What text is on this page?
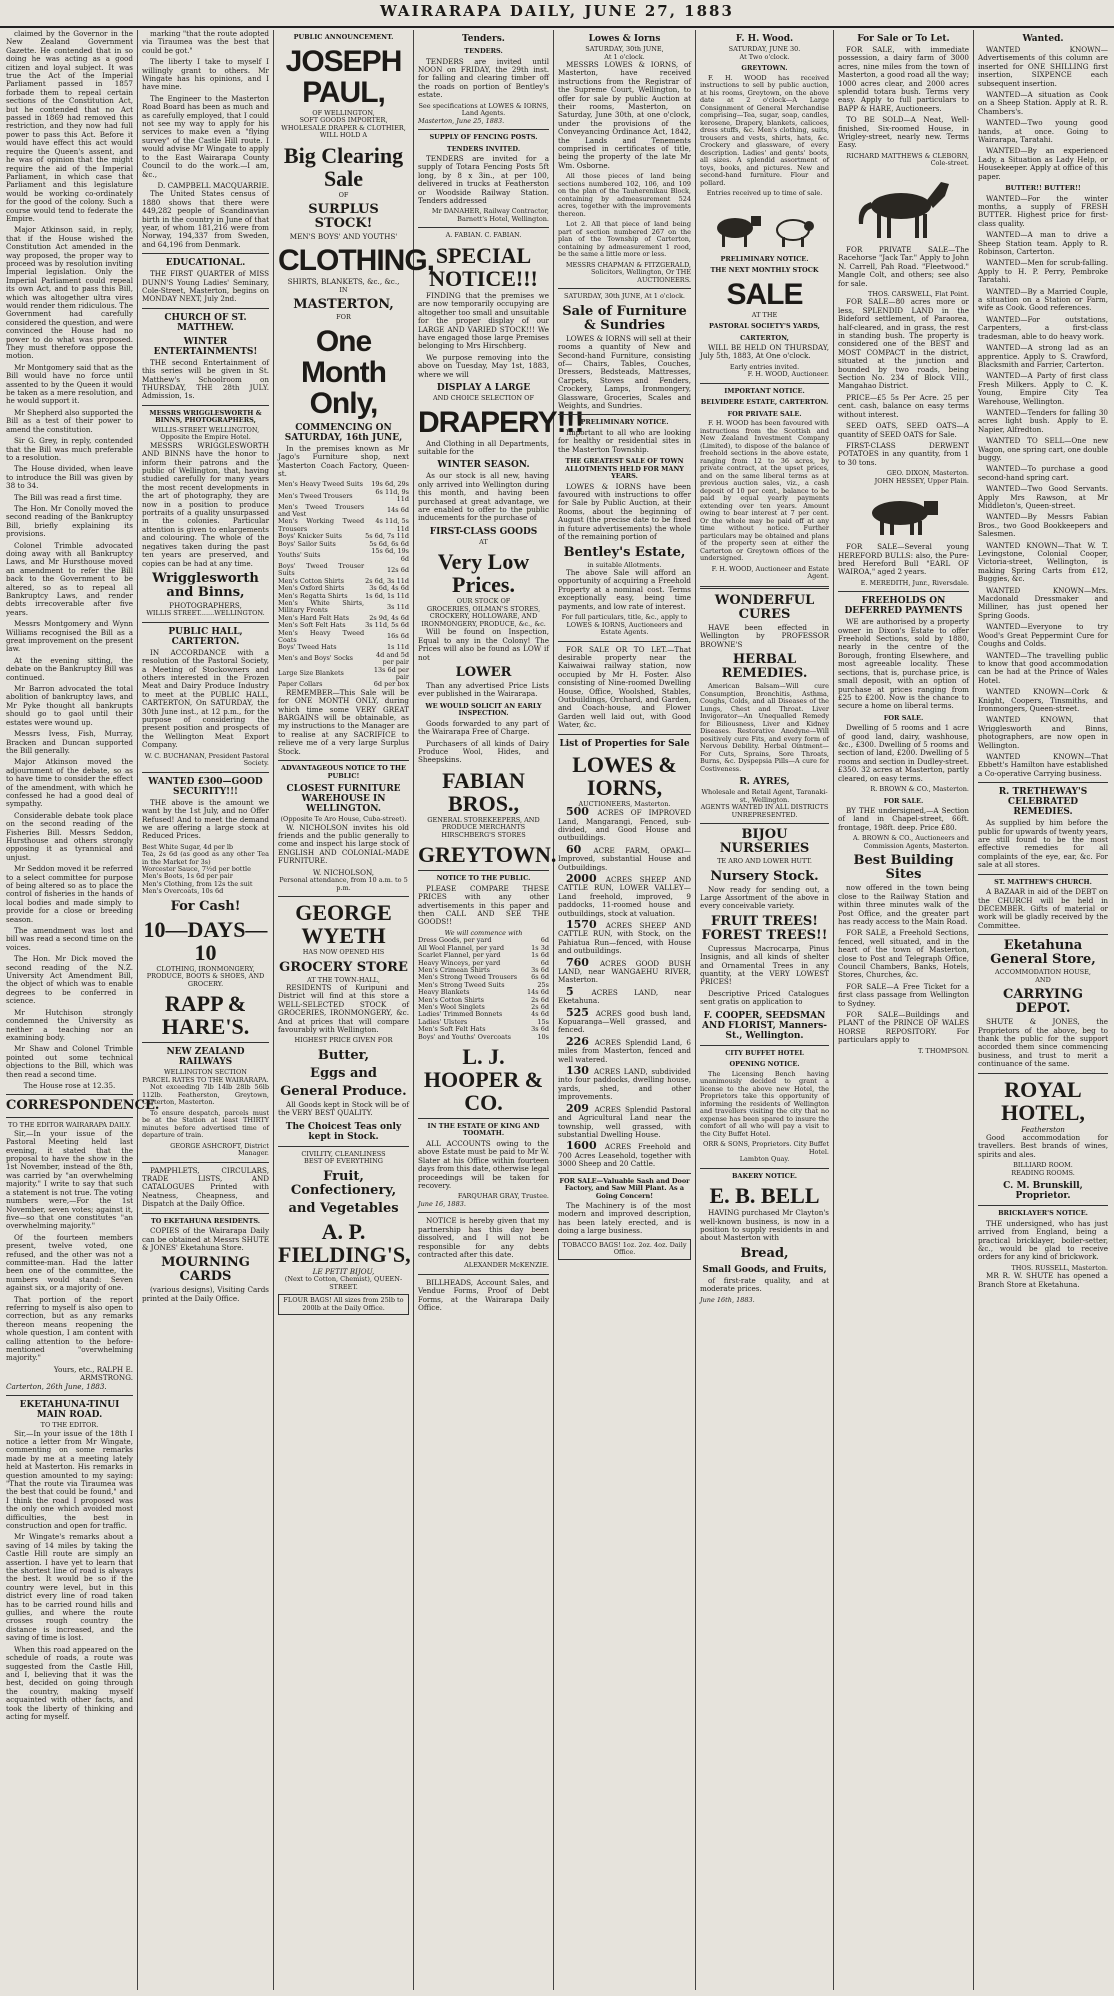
WAIRARAPA DAILY, JUNE 27, 1883

claimed by the Governor in the New Zealand Government Gazette. He contended that in so doing he was acting as a good citizen and loyal subject. It was true the Act of the Imperial Parliament passed in 1857 forbade them to repeal certain sections of the Constitution Act, but he contended that no Act passed in 1869 had removed this restriction, and they now had full power to pass this Act. Before it would have effect this act would require the Queen's assent, and he was of opinion that the might require the aid of the Imperial Parliament, in which case that Parliament and this legislature would be working co-ordinately for the good of the colony. Such a course would tend to federate the Empire.

Major Atkinson said, in reply, that if the House wished the Constitution Act amended in the way proposed, the proper way to proceed was by resolution inviting Imperial legislation. Only the Imperial Parliament could repeal its own Act, and to pass this Bill, which was altogether ultra vires would render them ridiculous. The Government had carefully considered the question, and were convinced the House had no power to do what was proposed. They must therefore oppose the motion.

Mr Montgomery said that as the Bill would have no force until assented to by the Queen it would be taken as a mere resolution, and he would support it.

Mr Shepherd also supported the Bill as a test of their power to amend the constitution.

Sir G. Grey, in reply, contended that the Bill was much preferable to a resolution.

The House divided, when leave to introduce the Bill was given by 38 to 34.

The Bill was read a first time.

The Hon. Mr Conolly moved the second reading of the Bankruptcy Bill, briefly explaining its provisions.

Colonel Trimble advocated doing away with all Bankruptcy Laws, and Mr Hursthouse moved an amendment to refer the Bill back to the Government to be altered, so as to repeal all Bankruptcy Laws, and render debts irrecoverable after five years.

Messrs Montgomery and Wynn Williams recognised the Bill as a great improvement on the present law.

At the evening sitting, the debate on the Bankruptcy Bill was continued.

Mr Barron advocated the total abolition of bankruptcy laws, and Mr Pyke thought all bankrupts should go to gaol until their estates were wound up.

Messrs Ivess, Fish, Murray, Bracken and Duncan supported the Bill generally.

Major Atkinson moved the adjournment of the debate, so as to have time to consider the effect of the amendment, with which he confessed he had a good deal of sympathy.

Considerable debate took place on the second reading of the Fisheries Bill. Messrs Seddon, Hursthouse and others strongly opposing it as tyrannical and unjust.

Mr Seddon moved it be referred to a select committee for purpose of being altered so as to place the control of fisheries in the hands of local bodies and made simply to provide for a close or breeding season.

The amendment was lost and bill was read a second time on the voices.

The Hon. Mr Dick moved the second reading of the N.Z. University Act Amendment Bill, the object of which was to enable degrees to be conferred in science.

Mr Hutchison strongly condemned the University as neither a teaching nor an examining body.

Mr Shaw and Colonel Trimble pointed out some technical objections to the Bill, which was then read a second time.

The House rose at 12.35.

CORRESPONDENCE.
TO THE EDITOR WAIRARAPA DAILY.

Sir,—In your issue of the Pastoral Meeting held last evening, it stated that the proposal to have the show in the 1st November, instead of the 8th, was carried by "an overwhelming majority." I write to say that such a statement is not true. The voting numbers were,—For the 1st November, seven votes; against it, five—so that one constitutes "an overwhelming majority."

Of the fourteen members present, twelve voted, one refused, and the other was not a committee-man. Had the latter been one of the committee, the numbers would stand: Seven against six, or a majority of one.

That portion of the report referring to myself is also open to correction, but as any remarks thereon means reopening the whole question, I am content with calling attention to the before-mentioned "overwhelming majority."

Yours, etc., RALPH E. ARMSTRONG.
Carterton, 26th June, 1883.
EKETAHUNA-TINUI MAIN ROAD.
TO THE EDITOR.

Sir,—In your issue of the 18th I notice a letter from Mr Wingate, commenting on some remarks made by me at a meeting lately held at Masterton. His remarks in question amounted to my saying: "That the route via Tiraumea was the best that could be found," and I think the road I proposed was the only one which avoided most difficulties, the best in construction and open for traffic.

Mr Wingate's remarks about a saving of 14 miles by taking the Castle Hill route are simply an assertion. I have yet to learn that the shortest line of road is always the best. It would be so if the country were level, but in this district every line of road taken has to be carried round hills and gullies, and where the route crosses rough country the distance is increased, and the saving of time is lost.

When this road appeared on the schedule of roads, a route was suggested from the Castle Hill, and I, believing that it was the best, decided on going through the country, making myself acquainted with other facts, and took the liberty of thinking and acting for myself.

marking "that the route adopted via Tiraumea was the best that could be got."

The liberty I take to myself I willingly grant to others. Mr Wingate has his opinions, and I have mine.

The Engineer to the Masterton Road Board has been as much and as carefully employed, that I could not see my way to apply for his services to make even a "flying survey" of the Castle Hill route. I would advise Mr Wingate to apply to the East Wairarapa County Council to do the work.—I am, &c.,

D. CAMPBELL MACQUARRIE.

The United States census of 1880 shows that there were 449,282 people of Scandinavian birth in the country in June of that year, of whom 181,216 were from Norway, 194,337 from Sweden, and 64,196 from Denmark.

EDUCATIONAL.

THE FIRST QUARTER of MISS DUNN'S Young Ladies' Seminary, Cole-Street, Masterton, begins on MONDAY NEXT, July 2nd.

CHURCH OF ST. MATTHEW.
WINTER ENTERTAINMENTS!

THE second Entertainment of this series will be given in St. Matthew's Schoolroom on THURSDAY, THE 28th JULY. Admission, 1s.

MESSRS WRIGGLESWORTH & BINNS, PHOTOGRAPHERS,
WILLIS-STREET WELLINGTON, Opposite the Empire Hotel.

MESSRS WRIGGLESWORTH AND BINNS have the honor to inform their patrons and the public of Wellington, that, having studied carefully for many years the most recent developments in the art of photography, they are now in a position to produce portraits of a quality unsurpassed in the colonies. Particular attention is given to enlargements and colouring. The whole of the negatives taken during the past ten years are preserved, and copies can be had at any time.

Wrigglesworth and Binns,
PHOTOGRAPHERS,
WILLIS STREET.......WELLINGTON.
PUBLIC HALL, CARTERTON.

IN ACCORDANCE with a resolution of the Pastoral Society, a Meeting of Stockowners and others interested in the Frozen Meat and Dairy Produce Industry to meet at the PUBLIC HALL, CARTERTON, On SATURDAY, the 30th June inst., at 12 p.m., for the purpose of considering the present position and prospects of the Wellington Meat Export Company.

W. C. BUCHANAN, President Pastoral Society.
WANTED £300—GOOD SECURITY!!!

THE above is the amount we want by the 1st July, and no Offer Refused! And to meet the demand we are offering a large stock at Reduced Prices.

Best White Sugar, 4d per lb	
Tea, 2s 6d (as good as any other Tea in the Market for 3s)	
Worcester Sauce, 7½d per bottle	
Men's Boots, 1s 6d per pair	
Men's Clothing, from 12s the suit	
Men's Overcoats, 10s 6d	
For Cash!
10—DAYS—10
CLOTHING, IRONMONGERY, PRODUCE, BOOTS & SHOES, AND GROCERY.
RAPP & HARE'S.
NEW ZEALAND RAILWAYS
WELLINGTON SECTION
PARCEL RATES TO THE WAIRARAPA.

Not exceeding 7lb 14lb 28lb 56lb 112lb. Featherston, Greytown, Carterton, Masterton.

To ensure despatch, parcels must be at the Station at least THIRTY minutes before advertised time of departure of train.

GEORGE ASHCROFT, District Manager.

PAMPHLETS, CIRCULARS, TRADE LISTS, AND CATALOGUES Printed with Neatness, Cheapness, and Dispatch at the Daily Office.

TO EKETAHUNA RESIDENTS.

COPIES of the Wairarapa Daily can be obtained at Messrs SHUTE & JONES' Eketahuna Store.

MOURNING CARDS

(various designs), Visiting Cards printed at the Daily Office.

PUBLIC ANNOUNCEMENT.
JOSEPH PAUL,
OF WELLINGTON,
SOFT GOODS IMPORTER, WHOLESALE DRAPER & CLOTHIER, WILL HOLD A
Big Clearing Sale
OF
SURPLUS STOCK!
MEN'S BOYS' AND YOUTHS'
CLOTHING,
SHIRTS, BLANKETS, &c., &c.,
IN
MASTERTON,
FOR
One Month Only,
COMMENCING ON SATURDAY, 16th JUNE,

In the premises known as Mr Jago's Furniture shop, next Masterton Coach Factory, Queen-st.

Men's Heavy Tweed Suits	19s 6d, 29s
Men's Tweed Trousers	6s 11d, 9s 11d
Men's Tweed Trousers and Vest	14s 6d
Men's Working Tweed Trousers	4s 11d, 5s 11d
Boys' Knicker Suits	5s 6d, 7s 11d
Boys' Sailor Suits	5s 6d, 6s 6d
Youths' Suits	15s 6d, 19s 6d
Boys' Tweed Trouser Suits	12s 6d
Men's Cotton Shirts	2s 6d, 3s 11d
Men's Oxford Shirts	3s 6d, 4s 6d
Men's Regatta Shirts	1s 6d, 1s 11d
Men's White Shirts, Military Fronts	3s 11d
Men's Hard Felt Hats	2s 9d, 4s 6d
Men's Soft Felt Hats	3s 11d, 5s 6d
Men's Heavy Tweed Coats	16s 6d
Boys' Tweed Hats	1s 11d
Men's and Boys' Socks	4d and 5d per pair
Large Size Blankets	13s 6d per pair
Paper Collars	6d per box

REMEMBER—This Sale will be for ONE MONTH ONLY, during which time some VERY GREAT BARGAINS will be obtainable, as my instructions to the Manager are to realise at any SACRIFICE to relieve me of a very large Surplus Stock.

ADVANTAGEOUS NOTICE TO THE PUBLIC!
CLOSEST FURNITURE WAREHOUSE IN WELLINGTON.
(Opposite Te Aro House, Cuba-street).

W. NICHOLSON invites his old friends and the public generally to come and inspect his large stock of ENGLISH AND COLONIAL-MADE FURNITURE.

W. NICHOLSON,
Personal attendance, from 10 a.m. to 5 p.m.
GEORGE WYETH
HAS NOW OPENED HIS
GROCERY STORE
AT THE TOWN-HALL,

RESIDENTS of Kuripuni and District will find at this store a WELL-SELECTED STOCK of GROCERIES, IRONMONGERY, &c. And at prices that will compare favourably with Wellington.

HIGHEST PRICE GIVEN FOR
Butter,
Eggs and
General Produce.

All Goods kept in Stock will be of the VERY BEST QUALITY.

The Choicest Teas only kept in Stock.
CIVILITY, CLEANLINESS
BEST OF EVERYTHING
Fruit, Confectionery,
and Vegetables
A. P. FIELDING'S,
LE PETIT BIJOU,
(Next to Cotton, Chemist), QUEEN-STREET.
FLOUR BAGS! All sizes from 25lb to 200lb at the Daily Office.
Tenders.
TENDERS.

TENDERS are invited until NOON on FRIDAY, the 29th inst. for falling and clearing timber off the roads on portion of Bentley's estate.

See specifications at LOWES & IORNS, Land Agents.
Masterton, June 25, 1883.
SUPPLY OF FENCING POSTS.
TENDERS INVITED.

TENDERS are invited for a supply of Totara Fencing Posts 5ft long, by 8 x 3in., at per 100, delivered in trucks at Featherston or Woodside Railway Station. Tenders addressed

Mr DANAHER, Railway Contractor, Barnett's Hotel, Wellington.
A. FABIAN. C. FABIAN.
SPECIAL NOTICE!!!

FINDING that the premises we are now temporarily occupying are altogether too small and unsuitable for the proper display of our LARGE AND VARIED STOCK!!! We have engaged those large Premises belonging to Mrs Hirschberg.

We purpose removing into the above on Tuesday, May 1st, 1883, where we will

DISPLAY A LARGE
AND CHOICE SELECTION OF
DRAPERY!!!

And Clothing in all Departments, suitable for the

WINTER SEASON.

As our stock is all new, having only arrived into Wellington during this month, and having been purchased at great advantage, we are enabled to offer to the public inducements for the purchase of

FIRST-CLASS GOODS
AT
Very Low Prices.
OUR STOCK OF
GROCERIES, OILMAN'S STORES, CROCKERY, HOLLOWARE, AND IRONMONGERY, PRODUCE, &c., &c.

Will be found on Inspection, Equal to any in the Colony! The Prices will also be found as LOW if not

LOWER

Than any advertised Price Lists ever published in the Wairarapa.

WE WOULD SOLICIT AN EARLY INSPECTION.

Goods forwarded to any part of the Wairarapa Free of Charge.

Purchasers of all kinds of Dairy Produce Wool, Hides, and Sheepskins.

FABIAN BROS.,
GENERAL STOREKEEPERS, AND PRODUCE MERCHANTS
HIRSCHBERG'S STORES
GREYTOWN.
NOTICE TO THE PUBLIC.

PLEASE COMPARE THESE PRICES with any other advertisements in this paper and then CALL AND SEE THE GOODS!!

We will commence with
Dress Goods, per yard	6d
All Wool Flannel, per yard	1s 3d
Scarlet Flannel, per yard	1s 6d
Heavy Winceys, per yard	6d
Men's Crimean Shirts	3s 6d
Men's Strong Tweed Trousers	6s 6d
Men's Strong Tweed Suits	25s
Heavy Blankets	14s 6d
Men's Cotton Shirts	2s 6d
Men's Wool Singlets	2s 6d
Ladies' Trimmed Bonnets	4s 6d
Ladies' Ulsters	15s
Men's Soft Felt Hats	3s 6d
Boys' and Youths' Overcoats	10s
L. J. HOOPER & CO.
IN THE ESTATE OF KING AND TOOMATH.

ALL ACCOUNTS owing to the above Estate must be paid to Mr W. Slater at his Office within fourteen days from this date, otherwise legal proceedings will be taken for recovery.

FARQUHAR GRAY, Trustee.
June 16, 1883.

NOTICE is hereby given that my partnership has this day been dissolved, and I will not be responsible for any debts contracted after this date.

ALEXANDER McKENZIE.

BILLHEADS, Account Sales, and Vendue Forms, Proof of Debt Forms, at the Wairarapa Daily Office.

Lowes & Iorns
SATURDAY, 30th JUNE,
At 1 o'clock.

MESSRS LOWES & IORNS, of Masterton, have received instructions from the Registrar of the Supreme Court, Wellington, to offer for sale by public Auction at their rooms, Masterton, on Saturday, June 30th, at one o'clock, under the provisions of the Conveyancing Ordinance Act, 1842, the Lands and Tenements comprised in certificates of title, being the property of the late Mr Wm. Osborne.

All those pieces of land being sections numbered 102, 106, and 109 on the plan of the Tauherenikau Block, containing by admeasurement 524 acres, together with the improvements thereon.

Lot 2. All that piece of land being part of section numbered 267 on the plan of the Township of Carterton, containing by admeasurement 1 rood, be the same a little more or less.

MESSRS CHAPMAN & FITZGERALD, Solicitors, Wellington, Or THE AUCTIONEERS.
SATURDAY, 30th JUNE, At 1 o'clock.
Sale of Furniture & Sundries

LOWES & IORNS will sell at their rooms a quantity of New and Second-hand Furniture, consisting of— Chairs, Tables, Couches, Dressers, Bedsteads, Mattresses, Carpets, Stoves and Fenders, Crockery, Lamps, Ironmongery, Glassware, Groceries, Scales and Weights, and Sundries.

PRELIMINARY NOTICE.

Important to all who are looking for healthy or residential sites in the Masterton Township.

THE GREATEST SALE OF TOWN ALLOTMENTS HELD FOR MANY YEARS.

LOWES & IORNS have been favoured with instructions to offer for Sale by Public Auction, at their Rooms, about the beginning of August (the precise date to be fixed in future advertisements) the whole of the remaining portion of

Bentley's Estate,
in suitable Allotments.

The above Sale will afford an opportunity of acquiring a Freehold Property at a nominal cost. Terms exceptionally easy, being time payments, and low rate of interest.

For full particulars, title, &c., apply to LOWES & IORNS, Auctioneers and Estate Agents.

FOR SALE OR TO LET.—That desirable property near the Kaiwaiwai railway station, now occupied by Mr H. Foster. Also consisting of Nine-roomed Dwelling House, Office, Woolshed, Stables, Outbuildings, Orchard, and Garden, and Coach-house, and Flower Garden well laid out, with Good Water, &c.

List of Properties for Sale
LOWES & IORNS,
AUCTIONEERS, Masterton.

500 ACRES OF IMPROVED Land, Mangarangi, Fenced, sub-divided, and Good House and outbuildings.

60 ACRE FARM, OPAKI—Improved, substantial House and Outbuildings.

2000 ACRES SHEEP AND CATTLE RUN, LOWER VALLEY—Land freehold, improved, 9 paddocks, 11-roomed house and outbuildings, stock at valuation.

1570 ACRES SHEEP AND CATTLE RUN, with Stock, on the Pahiatua Run—fenced, with House and outbuildings.

760 ACRES GOOD BUSH LAND, near WANGAEHU RIVER, Masterton.

5 ACRES LAND, near Eketahuna.

525 ACRES good bush land, Kopuaranga—Well grassed, and fenced.

226 ACRES Splendid Land, 6 miles from Masterton, fenced and well watered.

130 ACRES LAND, subdivided into four paddocks, dwelling house, yards, shed, and other improvements.

209 ACRES Splendid Pastoral and Agricultural Land near the township, well grassed, with substantial Dwelling House.

1600 ACRES Freehold and 700 Acres Leasehold, together with 3000 Sheep and 20 Cattle.

FOR SALE—Valuable Sash and Door Factory, and Saw Mill Plant. As a Going Concern!

The Machinery is of the most modern and improved description, has been lately erected, and is doing a large business.

TOBACCO BAGS! 1oz. 2oz. 4oz. Daily Office.
F. H. Wood.
SATURDAY, JUNE 30.
At Two o'clock.
GREYTOWN.

F. H. WOOD has received instructions to sell by public auction, at his rooms, Greytown, on the above date at 2 o'clock—A Large Consignment of General Merchandise comprising—Tea, sugar, soap, candles, kerosene, Drapery, blankets, calicoes, dress stuffs, &c. Men's clothing, suits, trousers and vests, shirts, hats, &c. Crockery and glassware, of every description. Ladies' and gents' boots, all sizes. A splendid assortment of toys, books, and pictures. New and second-hand furniture. Flour and pollard.

Entries received up to time of sale.
PRELIMINARY NOTICE.
THE NEXT MONTHLY STOCK
SALE
AT THE
PASTORAL SOCIETY'S YARDS,
CARTERTON,

WILL BE HELD ON THURSDAY, July 5th, 1883, At One o'clock.

Early entries invited.
F. H. WOOD, Auctioneer.
IMPORTANT NOTICE.
BELVIDERE ESTATE, CARTERTON.
FOR PRIVATE SALE.

F. H. WOOD has been favoured with instructions from the Scottish and New Zealand Investment Company (Limited), to dispose of the balance of freehold sections in the above estate, ranging from 12 to 36 acres, by private contract, at the upset prices, and on the same liberal terms as at previous auction sales, viz., a cash deposit of 10 per cent., balance to be paid by equal yearly payments extending over ten years. Amount owing to bear interest at 7 per cent. Or the whole may be paid off at any time without notice. Further particulars may be obtained and plans of the property seen at either the Carterton or Greytown offices of the undersigned.

F. H. WOOD, Auctioneer and Estate Agent.
WONDERFUL CURES

HAVE been effected in Wellington by PROFESSOR BROWNE'S

HERBAL REMEDIES.

American Balsam—Will cure Consumption, Bronchitis, Asthma, Coughs, Colds, and all Diseases of the Lungs, Chest and Throat. Liver Invigorator—An Unequalled Remedy for Biliousness, Liver and Kidney Diseases. Restorative Anodyne—Will positively cure Fits, and every form of Nervous Debility. Herbal Ointment—For Cuts, Sprains, Sore Throats, Burns, &c. Dyspepsia Pills—A cure for Costiveness.

R. AYRES,
Wholesale and Retail Agent, Taranaki-st., Wellington.
AGENTS WANTED IN ALL DISTRICTS UNREPRESENTED.
BIJOU NURSERIES
TE ARO AND LOWER HUTT.
Nursery Stock.

Now ready for sending out, a Large Assortment of the above in every conceivable variety.

FRUIT TREES! FOREST TREES!!

Cupressus Macrocarpa, Pinus Insignis, and all kinds of shelter and Ornamental Trees in any quantity, at the VERY LOWEST PRICES!

Descriptive Priced Catalogues sent gratis on application to

F. COOPER, SEEDSMAN AND FLORIST, Manners-St., Wellington.
CITY BUFFET HOTEL
OPENING NOTICE.

The Licensing Bench having unanimously decided to grant a license to the above new Hotel, the Proprietors take this opportunity of informing the residents of Wellington and travellers visiting the city that no expense has been spared to insure the comfort of all who will pay a visit to the City Buffet Hotel.

ORR & SONS, Proprietors. City Buffet Hotel.
Lambton Quay.
BAKERY NOTICE.
E. B. BELL

HAVING purchased Mr Clayton's well-known business, is now in a position to supply residents in and about Masterton with

Bread,
Small Goods, and Fruits,

of first-rate quality, and at moderate prices.

June 16th, 1883.
For Sale or To Let.

FOR SALE, with immediate possession, a dairy farm of 3000 acres, nine miles from the town of Masterton, a good road all the way; 1000 acres clear, and 2000 acres splendid totara bush. Terms very easy. Apply to full particulars to BAPP & HARE, Auctioneers.

TO BE SOLD—A Neat, Well-finished, Six-roomed House, in Wrigley-street, nearly new. Terms Easy.

RICHARD MATTHEWS & CLEBORN, Cole-street.

FOR PRIVATE SALE—The Racehorse "Jack Tar." Apply to John N. Carrell, Pah Road. "Fleetwood." Mangle Colt, and others; see also for sale.

THOS. CARSWELL, Flat Point.

FOR SALE—80 acres more or less, SPLENDID LAND in the Bideford settlement, of Paraorea, half-cleared, and in grass, the rest in standing bush. The property is considered one of the BEST and MOST COMPACT in the district, situated at the junction and bounded by two roads, being Section No. 234 of Block VIII., Mangahao District.

PRICE—£5 5s Per Acre. 25 per cent. cash, balance on easy terms without interest.

SEED OATS, SEED OATS—A quantity of SEED OATS for Sale.

FIRST-CLASS DERWENT POTATOES in any quantity, from 1 to 30 tons.

GEO. DIXON, Masterton.
JOHN HESSEY, Upper Plain.

FOR SALE—Several young HEREFORD BULLS: also, the Pure-bred Hereford Bull "EARL OF WAIROA," aged 2 years.

E. MEREDITH, Junr., Riversdale.
FREEHOLDS ON DEFERRED PAYMENTS

WE are authorised by a property owner in Dixon's Estate to offer Freehold Sections, sold by 1880, nearly in the centre of the Borough, fronting Elsewhere, and most agreeable locality. These sections, that is, purchase price, is small deposit, with an option of purchase at prices ranging from £25 to £200. Now is the chance to secure a home on liberal terms.

FOR SALE.

Dwelling of 5 rooms and 1 acre of good land, dairy, washhouse, &c., £300. Dwelling of 5 rooms and section of land, £200. Dwelling of 5 rooms and section in Dudley-street. £350. 32 acres at Masterton, partly cleared, on easy terms.

R. BROWN & CO., Masterton.
FOR SALE.

BY THE undersigned,—A Section of land in Chapel-street, 66ft. frontage, 198ft. deep. Price £80.

A. BROWN & CO., Auctioneers and Commission Agents, Masterton.
Best Building Sites

now offered in the town being close to the Railway Station and within three minutes walk of the Post Office, and the greater part has ready access to the Main Road.

FOR SALE, a Freehold Sections, fenced, well situated, and in the heart of the town of Masterton, close to Post and Telegraph Office, Council Chambers, Banks, Hotels, Stores, Churches, &c.

FOR SALE—A Free Ticket for a first class passage from Wellington to Sydney.

FOR SALE—Buildings and PLANT of the PRINCE OF WALES HORSE REPOSITORY. For particulars apply to

T. THOMPSON.
Wanted.

WANTED KNOWN—Advertisements of this column are inserted for ONE SHILLING first insertion, SIXPENCE each subsequent insertion.

WANTED—A situation as Cook on a Sheep Station. Apply at R. R. Chambers's.

WANTED—Two young good hands, at once. Going to Wairarapa, Taratahi.

WANTED—By an experienced Lady, a Situation as Lady Help, or Housekeeper. Apply at office of this paper.

BUTTER!! BUTTER!!

WANTED—For the winter months, a supply of FRESH BUTTER. Highest price for first-class quality.

WANTED—A man to drive a Sheep Station team. Apply to R. Robinson, Carterton.

WANTED—Men for scrub-falling. Apply to H. P. Perry, Pembroke Taratahi.

WANTED—By a Married Couple, a situation on a Station or Farm, wife as Cook. Good references.

WANTED—For outstations, Carpenters, a first-class tradesman, able to do heavy work.

WANTED—A strong lad as an apprentice. Apply to S. Crawford, Blacksmith and Farrier, Carterton.

WANTED—A Party of first class Fresh Milkers. Apply to C. K. Young, Empire City Tea Warehouse, Wellington.

WANTED—Tenders for falling 30 acres light bush. Apply to E. Napier, Alfredton.

WANTED TO SELL—One new Wagon, one spring cart, one double buggy.

WANTED—To purchase a good second-hand spring cart.

WANTED—Two Good Servants. Apply Mrs Rawson, at Mr Middleton's, Queen-street.

WANTED—By Messrs Fabian Bros., two Good Bookkeepers and Salesmen.

WANTED KNOWN—That W. T. Levingstone, Colonial Cooper, Victoria-street, Wellington, is making Spring Carts from £12, Buggies, &c.

WANTED KNOWN—Mrs. Macdonald Dressmaker and Milliner, has just opened her Spring Goods.

WANTED—Everyone to try Wood's Great Peppermint Cure for Coughs and Colds.

WANTED—The travelling public to know that good accommodation can be had at the Prince of Wales Hotel.

WANTED KNOWN—Cork & Knight, Coopers, Tinsmiths, and Ironmongers, Queen-street.

WANTED KNOWN, that Wrigglesworth and Binns, photographers, are now open in Wellington.

WANTED KNOWN—That Ebbett's Hamilton have established a Co-operative Carrying business.

R. TRETHEWAY'S CELEBRATED REMEDIES.

As supplied by him before the public for upwards of twenty years, are still found to be the most effective remedies for all complaints of the eye, ear, &c. For sale at all stores.

ST. MATTHEW'S CHURCH.

A BAZAAR in aid of the DEBT on the CHURCH will be held in DECEMBER. Gifts of material or work will be gladly received by the Committee.

Eketahuna General Store,
ACCOMMODATION HOUSE,
AND
CARRYING DEPOT.

SHUTE & JONES, the Proprietors of the above, beg to thank the public for the support accorded them since commencing business, and trust to merit a continuance of the same.

ROYAL HOTEL,
Featherston

Good accommodation for travellers. Best brands of wines, spirits and ales.

BILLIARD ROOM.
READING ROOMS.
C. M. Brunskill, Proprietor.
BRICKLAYER'S NOTICE.

THE undersigned, who has just arrived from England, being a practical bricklayer, boiler-setter, &c., would be glad to receive orders for any kind of brickwork.

THOS. RUSSELL, Masterton.

MR R. W. SHUTE has opened a Branch Store at Eketahuna.
